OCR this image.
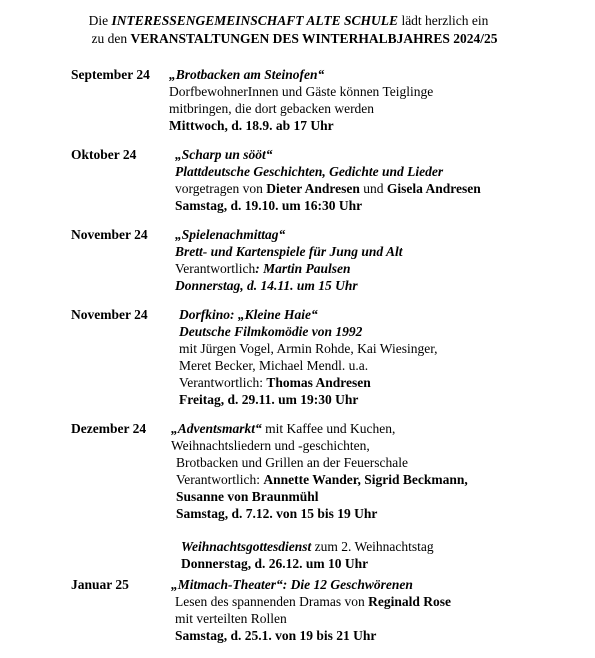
Die INTERESSENGEMEINSCHAFT ALTE SCHULE lädt herzlich ein
zu den VERANSTALTUNGEN DES WINTERHALBJAHRES 2024/25
September 24 „Brotbacken am Steinofen“
DorfbewohnerInnen und Gäste können Teiglinge
mitbringen, die dort gebacken werden
Mittwoch, d. 18.9. ab 17 Uhr
Oktober 24	„Scharp un sööt“
Plattdeutsche Geschichten, Gedichte und Lieder
vorgetragen von Dieter Andresen und Gisela Andresen
Samstag, d. 19.10. um 16:30 Uhr
November 24 „Spielenachmittag“
Brett- und Kartenspiele für Jung und Alt
Verantwortlich: Martin Paulsen
Donnerstag, d. 14.11. um 15 Uhr
November 24 Dorfkino: „Kleine Haie“
Deutsche Filmkomödie von 1992
mit Jürgen Vogel, Armin Rohde, Kai Wiesinger,
Meret Becker, Michael Mendl. u.a.
Verantwortlich: Thomas Andresen
Freitag, d. 29.11. um 19:30 Uhr
Dezember 24 „Adventsmarkt“ mit Kaffee und Kuchen,
Weihnachtsliedern und -geschichten,
Brotbacken und Grillen an der Feuerschale
Verantwortlich: Annette Wander, Sigrid Beckmann,
Susanne von Braunmühl
Samstag, d. 7.12. von 15 bis 19 Uhr
Weihnachtsgottesdienst zum 2. Weihnachtstag
Donnerstag, d. 26.12. um 10 Uhr
Januar 25	„Mitmach-Theater“: Die 12 Geschwörenen
Lesen des spannenden Dramas von Reginald Rose
mit verteilten Rollen
Samstag, d. 25.1. von 19 bis 21 Uhr
